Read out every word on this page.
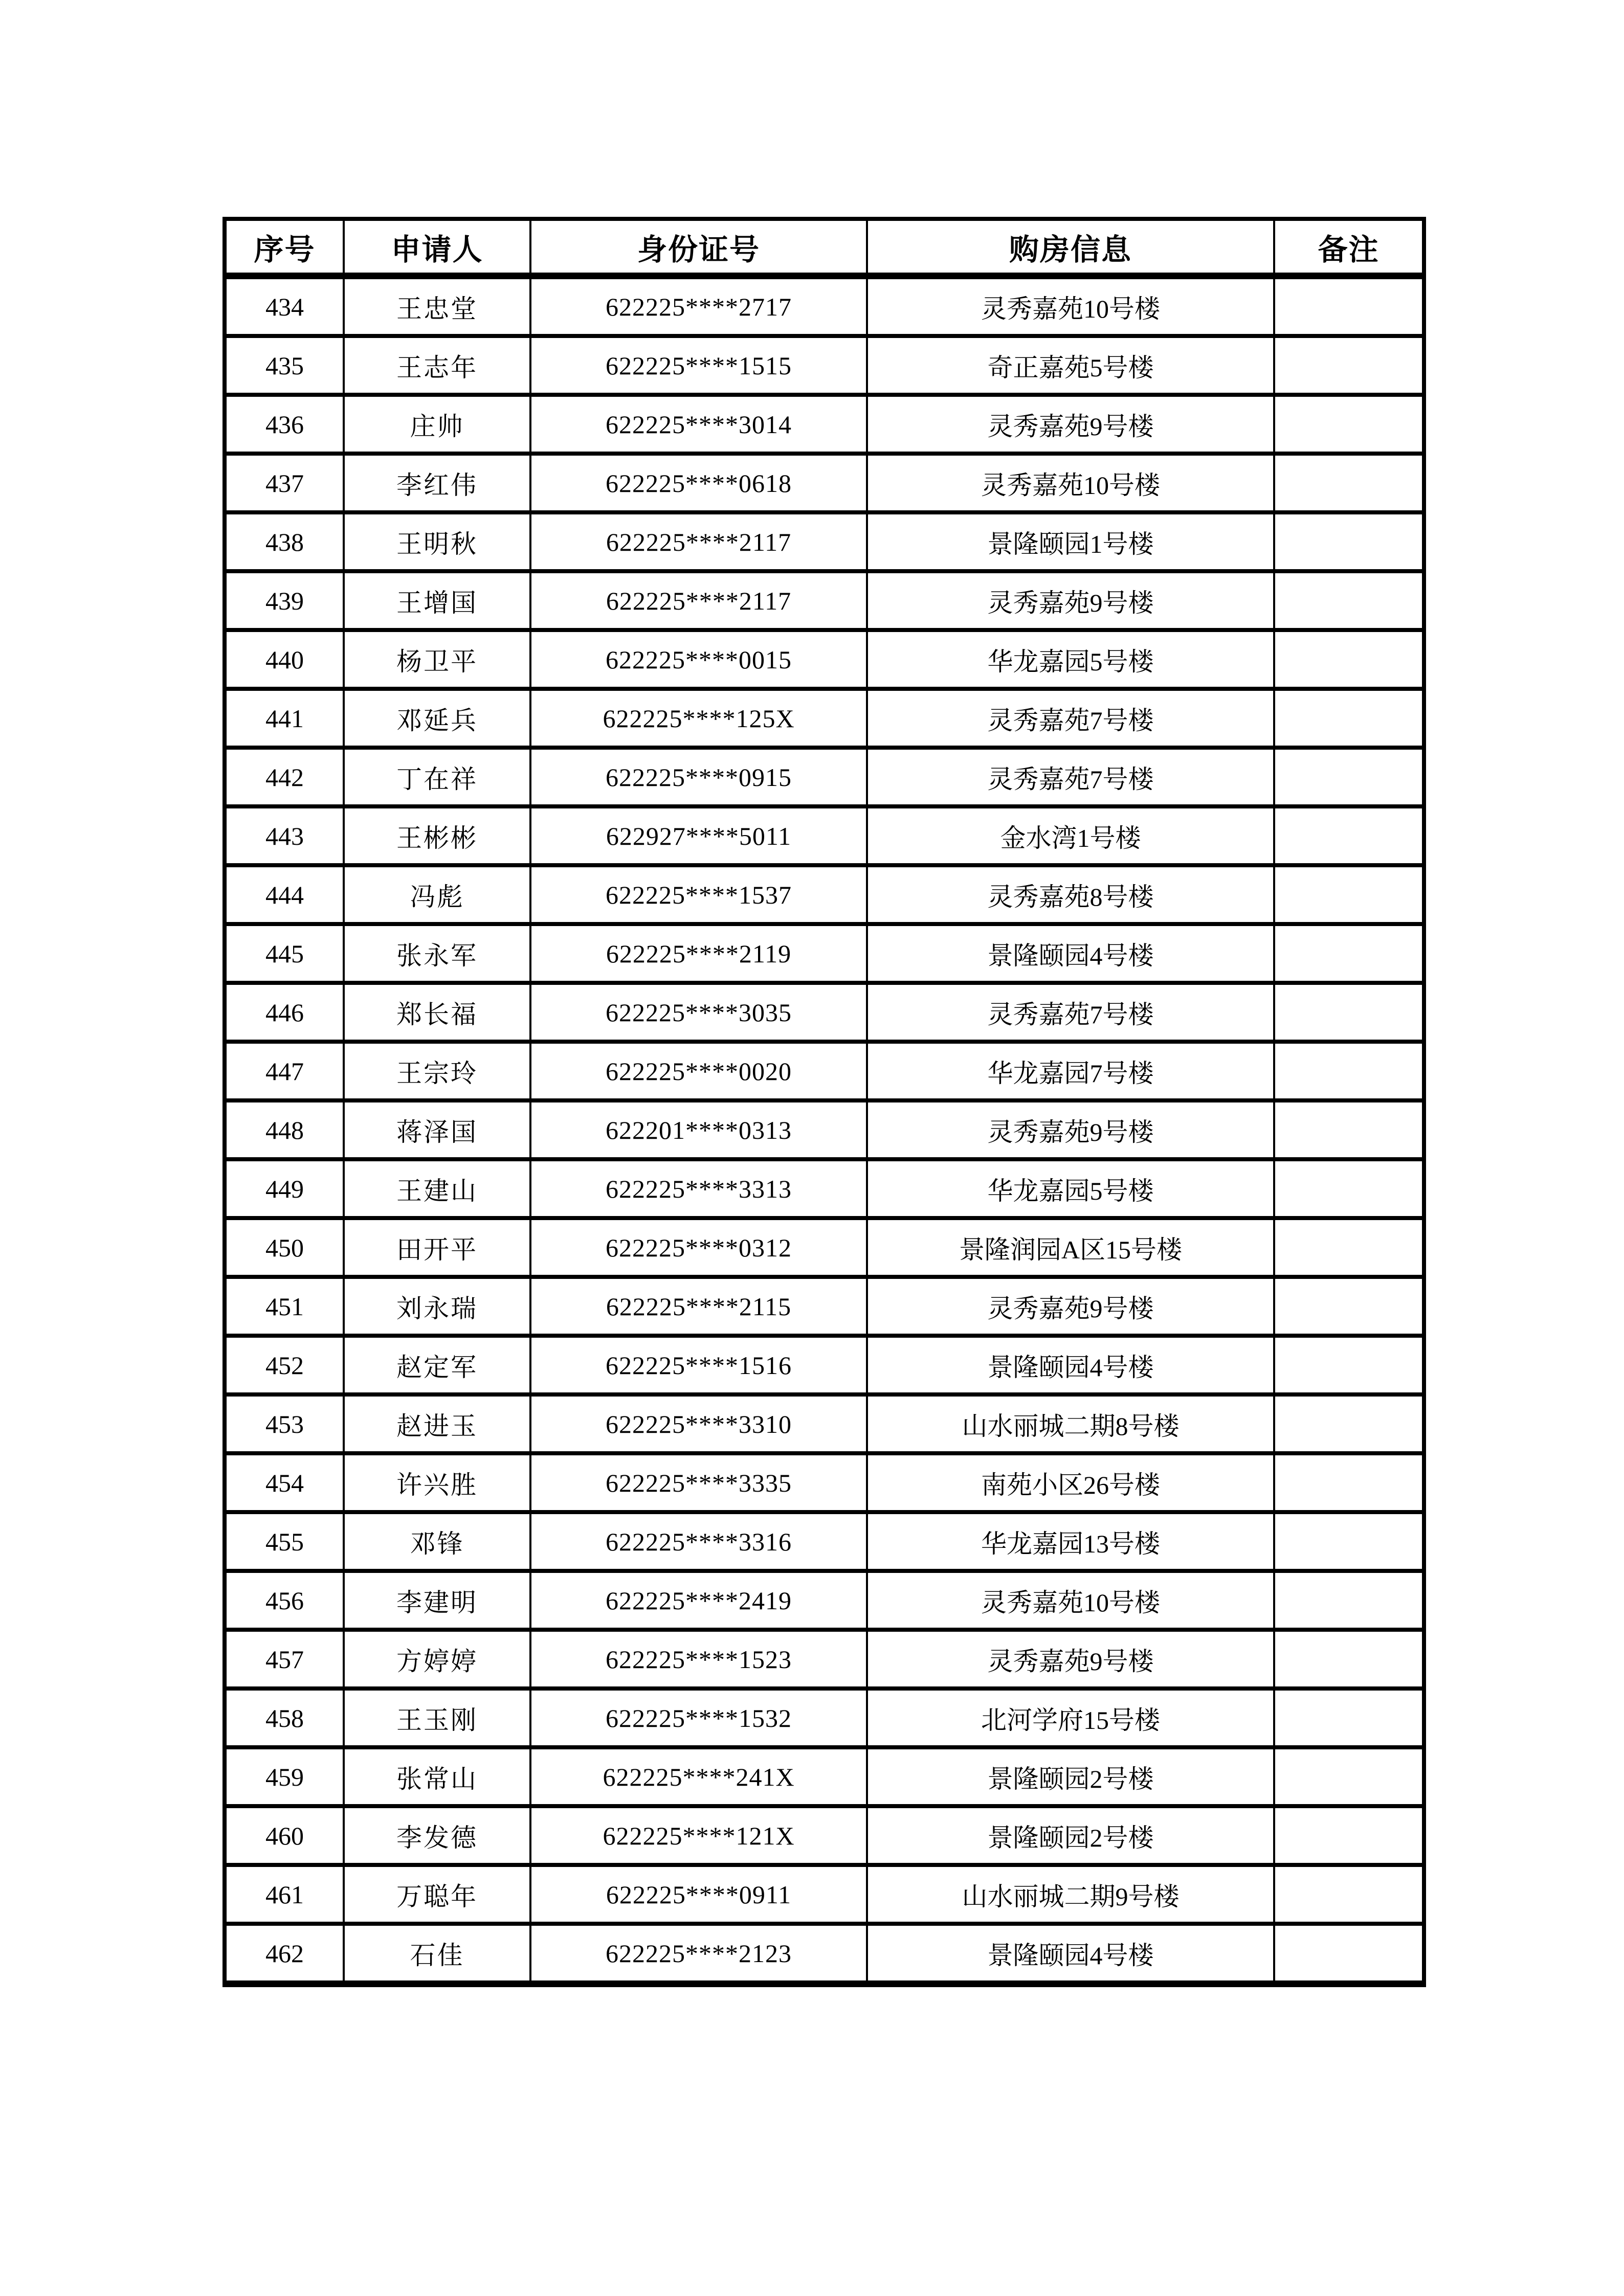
序号	申请人	身份证号	购房信息	备注
434	王忠堂	622225****2717	灵秀嘉苑10号楼	
435	王志年	622225****1515	奇正嘉苑5号楼	
436	庄帅	622225****3014	灵秀嘉苑9号楼	
437	李红伟	622225****0618	灵秀嘉苑10号楼	
438	王明秋	622225****2117	景隆颐园1号楼	
439	王增国	622225****2117	灵秀嘉苑9号楼	
440	杨卫平	622225****0015	华龙嘉园5号楼	
441	邓延兵	622225****125X	灵秀嘉苑7号楼	
442	丁在祥	622225****0915	灵秀嘉苑7号楼	
443	王彬彬	622927****5011	金水湾1号楼	
444	冯彪	622225****1537	灵秀嘉苑8号楼	
445	张永军	622225****2119	景隆颐园4号楼	
446	郑长福	622225****3035	灵秀嘉苑7号楼	
447	王宗玲	622225****0020	华龙嘉园7号楼	
448	蒋泽国	622201****0313	灵秀嘉苑9号楼	
449	王建山	622225****3313	华龙嘉园5号楼	
450	田开平	622225****0312	景隆润园A区15号楼	
451	刘永瑞	622225****2115	灵秀嘉苑9号楼	
452	赵定军	622225****1516	景隆颐园4号楼	
453	赵进玉	622225****3310	山水丽城二期8号楼	
454	许兴胜	622225****3335	南苑小区26号楼	
455	邓锋	622225****3316	华龙嘉园13号楼	
456	李建明	622225****2419	灵秀嘉苑10号楼	
457	方婷婷	622225****1523	灵秀嘉苑9号楼	
458	王玉刚	622225****1532	北河学府15号楼	
459	张常山	622225****241X	景隆颐园2号楼	
460	李发德	622225****121X	景隆颐园2号楼	
461	万聪年	622225****0911	山水丽城二期9号楼	
462	石佳	622225****2123	景隆颐园4号楼	
